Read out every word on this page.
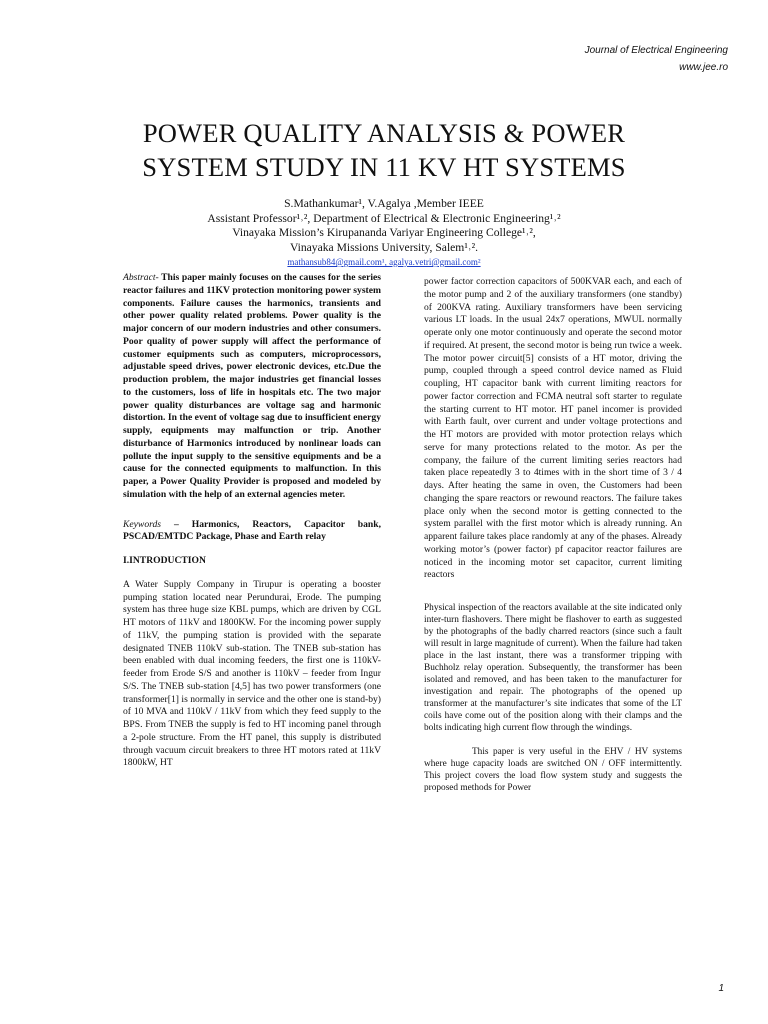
Journal of Electrical Engineering
www.jee.ro
POWER QUALITY ANALYSIS & POWER
SYSTEM STUDY IN 11 KV HT SYSTEMS
S.Mathankumar¹, V.Agalya ,Member IEEE
Assistant Professor¹˒², Department of Electrical & Electronic Engineering¹˒²
Vinayaka Mission’s Kirupananda Variyar Engineering College¹˒²,
Vinayaka Missions University, Salem¹˒².
mathansub84@gmail.com¹, agalya.vetri@gmail.com²

Abstract- This paper mainly focuses on the causes for the series reactor failures and 11KV protection monitoring power system components. Failure causes the harmonics, transients and other power quality related problems. Power quality is the major concern of our modern industries and other consumers. Poor quality of power supply will affect the performance of customer equipments such as computers, microprocessors, adjustable speed drives, power electronic devices, etc.Due the production problem, the major industries get financial losses to the customers, loss of life in hospitals etc. The two major power quality disturbances are voltage sag and harmonic distortion. In the event of voltage sag due to insufficient energy supply, equipments may malfunction or trip. Another disturbance of Harmonics introduced by nonlinear loads can pollute the input supply to the sensitive equipments and be a cause for the connected equipments to malfunction. In this paper, a Power Quality Provider is proposed and modeled by simulation with the help of an external agencies meter.

Keywords – Harmonics, Reactors, Capacitor bank, PSCAD/EMTDC Package, Phase and Earth relay

I.INTRODUCTION

A Water Supply Company in Tirupur is operating a booster pumping station located near Perundurai, Erode. The pumping system has three huge size KBL pumps, which are driven by CGL HT motors of 11kV and 1800KW. For the incoming power supply of 11kV, the pumping station is provided with the separate designated TNEB 110kV sub-station. The TNEB sub-station has been enabled with dual incoming feeders, the first one is 110kV- feeder from Erode S/S and another is 110kV – feeder from Ingur S/S. The TNEB sub-station [4,5] has two power transformers (one transformer[1] is normally in service and the other one is stand-by) of 10 MVA and 110kV / 11kV from which they feed supply to the BPS. From TNEB the supply is fed to HT incoming panel through a 2-pole structure. From the HT panel, this supply is distributed through vacuum circuit breakers to three HT motors rated at 11kV 1800kW, HT

power factor correction capacitors of 500KVAR each, and each of the motor pump and 2 of the auxiliary transformers (one standby) of 200KVA rating. Auxiliary transformers have been servicing various LT loads. In the usual 24x7 operations, MWUL normally operate only one motor continuously and operate the second motor if required. At present, the second motor is being run twice a week. The motor power circuit[5] consists of a HT motor, driving the pump, coupled through a speed control device named as Fluid coupling, HT capacitor bank with current limiting reactors for power factor correction and FCMA neutral soft starter to regulate the starting current to HT motor. HT panel incomer is provided with Earth fault, over current and under voltage protections and the HT motors are provided with motor protection relays which serve for many protections related to the motor. As per the company, the failure of the current limiting series reactors had taken place repeatedly 3 to 4times with in the short time of 3 / 4 days. After heating the same in oven, the Customers had been changing the spare reactors or rewound reactors. The failure takes place only when the second motor is getting connected to the system parallel with the first motor which is already running. An apparent failure takes place randomly at any of the phases. Already working motor’s (power factor) pf capacitor reactor failures are noticed in the incoming motor set capacitor, current limiting reactors

Physical inspection of the reactors available at the site indicated only inter-turn flashovers. There might be flashover to earth as suggested by the photographs of the badly charred reactors (since such a fault will result in large magnitude of current). When the failure had taken place in the last instant, there was a transformer tripping with Buchholz relay operation. Subsequently, the transformer has been isolated and removed, and has been taken to the manufacturer for investigation and repair. The photographs of the opened up transformer at the manufacturer’s site indicates that some of the LT coils have come out of the position along with their clamps and the bolts indicating high current flow through the windings.

This paper is very useful in the EHV / HV systems where huge capacity loads are switched ON / OFF intermittently. This project covers the load flow system study and suggests the proposed methods for Power

1
